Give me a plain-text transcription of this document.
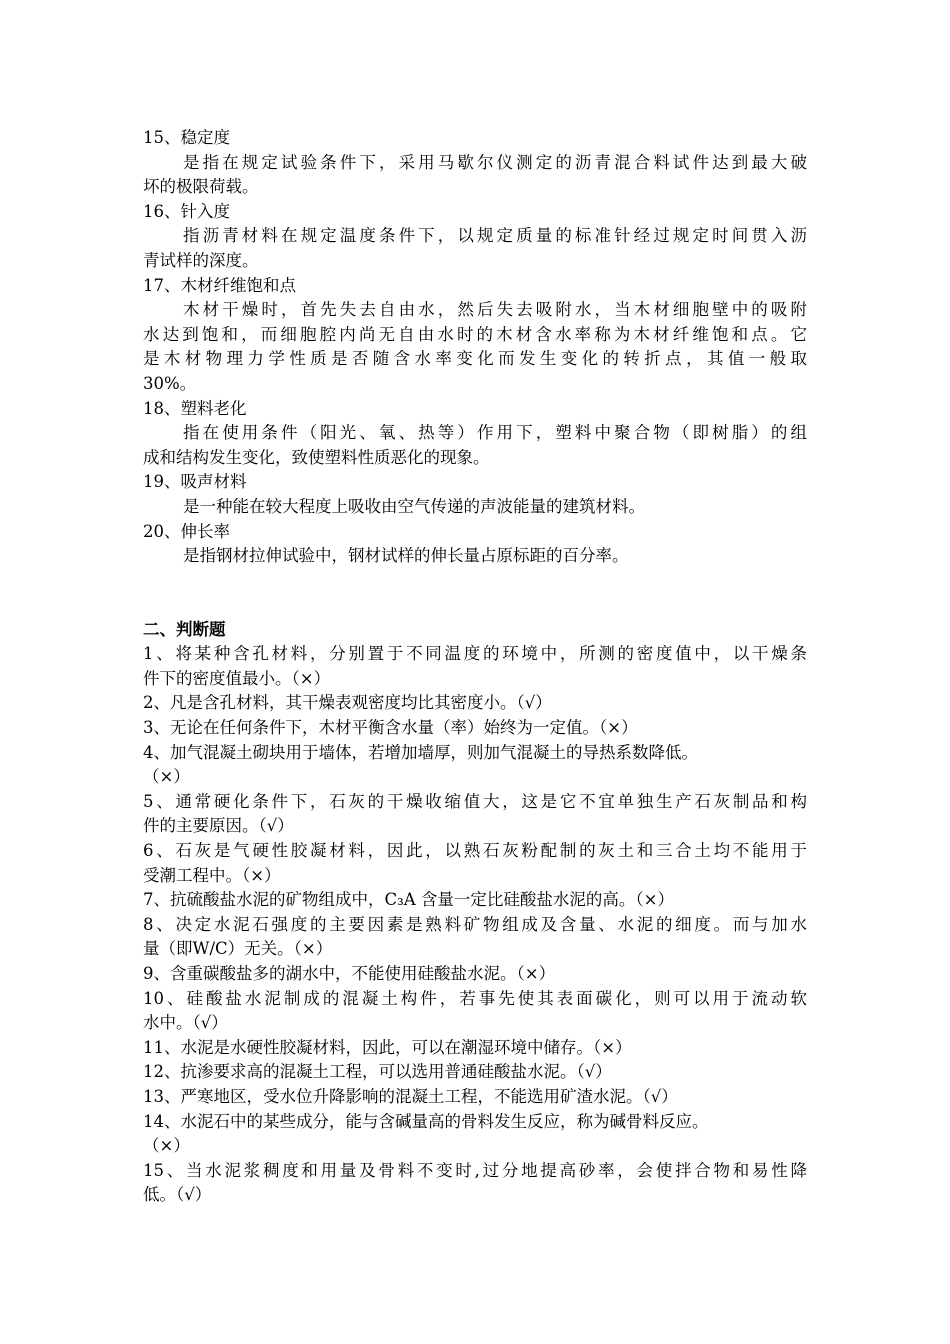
15、稳定度
是指在规定试验条件下，采用马歇尔仪测定的沥青混合料试件达到最大破
坏的极限荷载。
16、针入度
指沥青材料在规定温度条件下，以规定质量的标准针经过规定时间贯入沥
青试样的深度。
17、木材纤维饱和点
木材干燥时，首先失去自由水，然后失去吸附水，当木材细胞壁中的吸附
水达到饱和，而细胞腔内尚无自由水时的木材含水率称为木材纤维饱和点。它
是木材物理力学性质是否随含水率变化而发生变化的转折点，其值一般取
30%。
18、塑料老化
指在使用条件（阳光、氧、热等）作用下，塑料中聚合物（即树脂）的组
成和结构发生变化，致使塑料性质恶化的现象。
19、吸声材料
是一种能在较大程度上吸收由空气传递的声波能量的建筑材料。
20、伸长率
是指钢材拉伸试验中，钢材试样的伸长量占原标距的百分率。
二、判断题
1、将某种含孔材料，分别置于不同温度的环境中，所测的密度值中，以干燥条
件下的密度值最小。（×）
2、凡是含孔材料，其干燥表观密度均比其密度小。（√）
3、无论在任何条件下，木材平衡含水量（率）始终为一定值。（×）
4、加气混凝土砌块用于墙体，若增加墙厚，则加气混凝土的导热系数降低。
（×）
5、通常硬化条件下，石灰的干燥收缩值大，这是它不宜单独生产石灰制品和构
件的主要原因。（√）
6、石灰是气硬性胶凝材料，因此，以熟石灰粉配制的灰土和三合土均不能用于
受潮工程中。（×）
7、抗硫酸盐水泥的矿物组成中，C₃A 含量一定比硅酸盐水泥的高。（×）
8、决定水泥石强度的主要因素是熟料矿物组成及含量、水泥的细度。而与加水
量（即W/C）无关。（×）
9、含重碳酸盐多的湖水中，不能使用硅酸盐水泥。（×）
10、硅酸盐水泥制成的混凝土构件，若事先使其表面碳化，则可以用于流动软
水中。（√）
11、水泥是水硬性胶凝材料，因此，可以在潮湿环境中储存。（×）
12、抗渗要求高的混凝土工程，可以选用普通硅酸盐水泥。（√）
13、严寒地区，受水位升降影响的混凝土工程，不能选用矿渣水泥。（√）
14、水泥石中的某些成分，能与含碱量高的骨料发生反应，称为碱骨料反应。
（×）
15、当水泥浆稠度和用量及骨料不变时,过分地提高砂率，会使拌合物和易性降
低。（√）
